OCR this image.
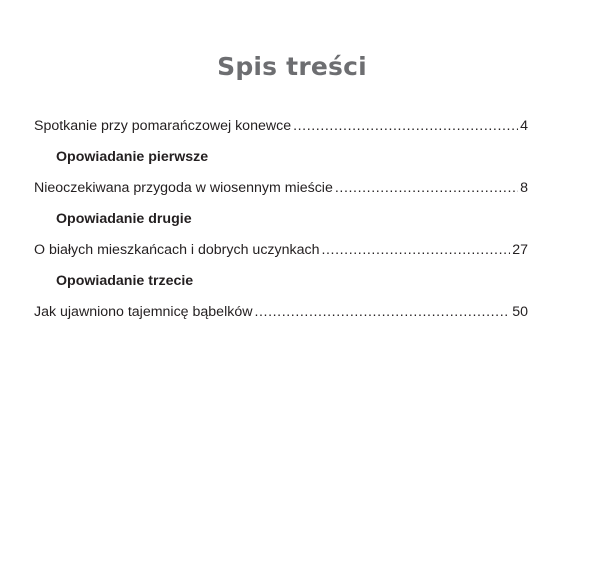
Spis treści
Spotkanie przy pomarańczowej konewce .....	4
Opowiadanie pierwsze
Nieoczekiwana przygoda w wiosennym mieście .....	8
Opowiadanie drugie
O białych mieszkańcach i dobrych uczynkach .....	27
Opowiadanie trzecie
Jak ujawniono tajemnicę bąbelków .....	50
